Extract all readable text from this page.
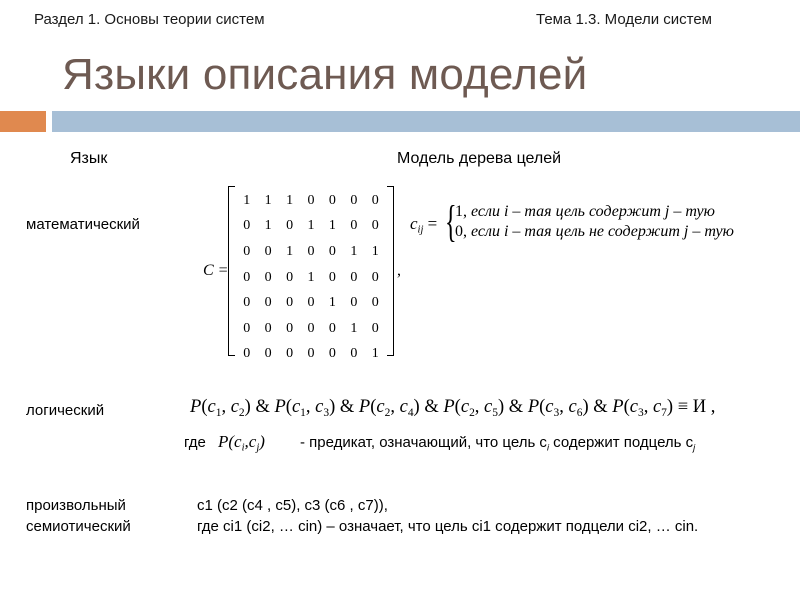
Раздел 1. Основы теории систем	Тема 1.3. Модели систем
Языки описания моделей
Язык	Модель дерева целей
математический
C =
1	1	1	0	0	0	0
0	1	0	1	1	0	0
0	0	1	0	0	1	1
0	0	0	1	0	0	0
0	0	0	0	1	0	0
0	0	0	0	0	1	0
0	0	0	0	0	0	1
,
$c_{ij}$ = {
1, если i – тая цель содержит j – тую
0, если i – тая цель не содержит j – тую
логический	$P(c_1$, $c_2$) & $P(c_1$, $c_3$) & $P(c_2$, $c_4$) & $P(c_2$, $c_5$) & $P(c_3$, $c_6$) & $P(c_3$, $c_7) \equiv И$ ,
где $P(c_i,c_j)$ - предикат, означающий, что цель $c_i$ содержит подцель $c_j$
произвольный
семиотический
c1 (c2 (c4 , c5), c3 (c6 , c7)),
где ci1 (ci2, … cin) – означает, что цель ci1 содержит подцели ci2, … cin.
